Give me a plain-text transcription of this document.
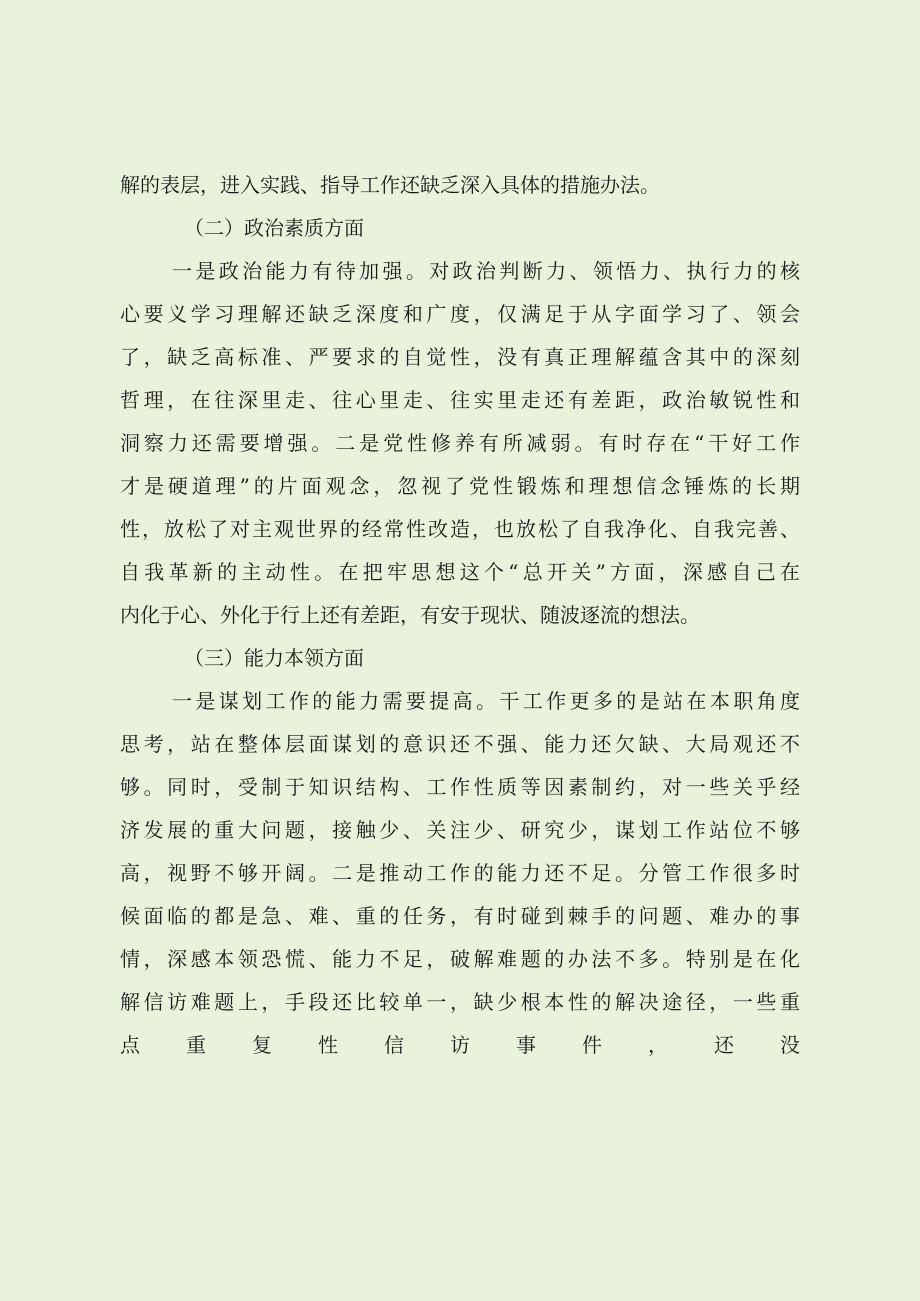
解的表层，进入实践、指导工作还缺乏深入具体的措施办法。
（二）政治素质方面
一是政治能力有待加强。对政治判断力、领悟力、执行力的核
心要义学习理解还缺乏深度和广度，仅满足于从字面学习了、领会
了，缺乏高标准、严要求的自觉性，没有真正理解蕴含其中的深刻
哲理，在往深里走、往心里走、往实里走还有差距，政治敏锐性和
洞察力还需要增强。二是党性修养有所减弱。有时存在“干好工作
才是硬道理”的片面观念，忽视了党性锻炼和理想信念锤炼的长期
性，放松了对主观世界的经常性改造，也放松了自我净化、自我完善、
自我革新的主动性。在把牢思想这个“总开关”方面，深感自己在
内化于心、外化于行上还有差距，有安于现状、随波逐流的想法。
（三）能力本领方面
一是谋划工作的能力需要提高。干工作更多的是站在本职角度
思考，站在整体层面谋划的意识还不强、能力还欠缺、大局观还不
够。同时，受制于知识结构、工作性质等因素制约，对一些关乎经
济发展的重大问题，接触少、关注少、研究少，谋划工作站位不够
高，视野不够开阔。二是推动工作的能力还不足。分管工作很多时
候面临的都是急、难、重的任务，有时碰到棘手的问题、难办的事
情，深感本领恐慌、能力不足，破解难题的办法不多。特别是在化
解信访难题上，手段还比较单一，缺少根本性的解决途径，一些重
点 重 复 性 信 访 事 件 ， 还 没
